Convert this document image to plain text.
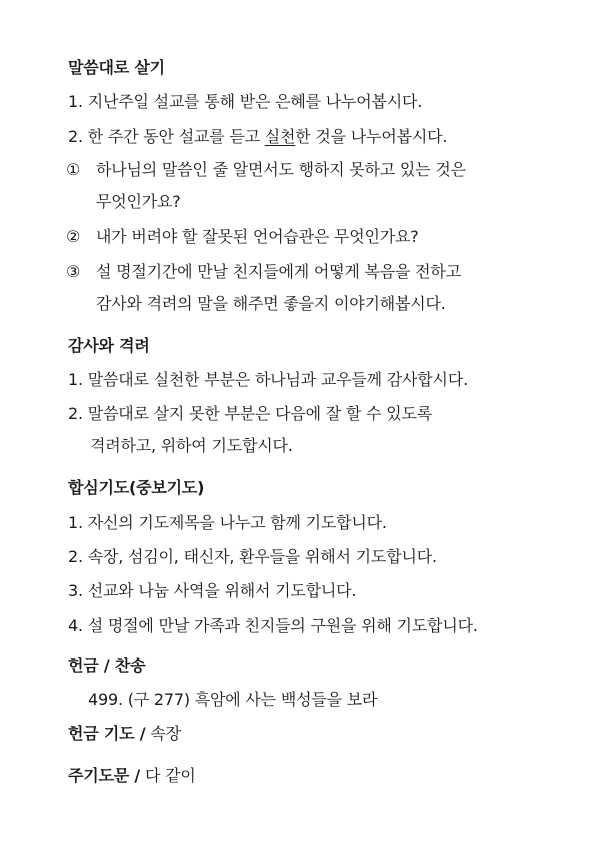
말씀대로 살기
1. 지난주일 설교를 통해 받은 은혜를 나누어봅시다.
2. 한 주간 동안 설교를 듣고 실천한 것을 나누어봅시다.
① 하나님의 말씀인 줄 알면서도 행하지 못하고 있는 것은
무엇인가요?
② 내가 버려야 할 잘못된 언어습관은 무엇인가요?
③ 설 명절기간에 만날 친지들에게 어떻게 복음을 전하고
감사와 격려의 말을 해주면 좋을지 이야기해봅시다.
감사와 격려
1. 말씀대로 실천한 부분은 하나님과 교우들께 감사합시다.
2. 말씀대로 살지 못한 부분은 다음에 잘 할 수 있도록
격려하고, 위하여 기도합시다.
합심기도(중보기도)
1. 자신의 기도제목을 나누고 함께 기도합니다.
2. 속장, 섬김이, 태신자, 환우들을 위해서 기도합니다.
3. 선교와 나눔 사역을 위해서 기도합니다.
4. 설 명절에 만날 가족과 친지들의 구원을 위해 기도합니다.
헌금 / 찬송
499. (구 277) 흑암에 사는 백성들을 보라
헌금 기도 / 속장
주기도문 / 다 같이
